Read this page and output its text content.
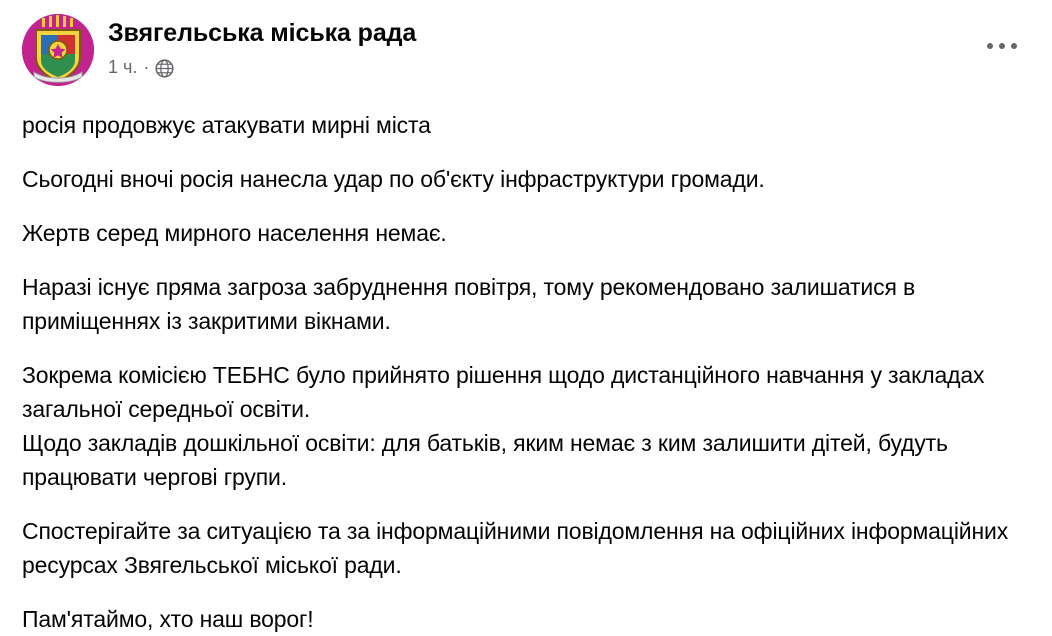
Звягельська міська рада
1 ч. ·

росія продовжує атакувати мирні міста

Сьогодні вночі росія нанесла удар по об'єкту інфраструктури громади.

Жертв серед мирного населення немає.

Наразі існує пряма загроза забруднення повітря, тому рекомендовано залишатися в приміщеннях із закритими вікнами.

Зокрема комісією ТЕБНС було прийнято рішення щодо дистанційного навчання у закладах загальної середньої освіти.

Щодо закладів дошкільної освіти: для батьків, яким немає з ким залишити дітей, будуть працювати чергові групи.

Спостерігайте за ситуацією та за інформаційними повідомлення на офіційних інформаційних ресурсах Звягельської міської ради.

Пам'ятаймо, хто наш ворог!
